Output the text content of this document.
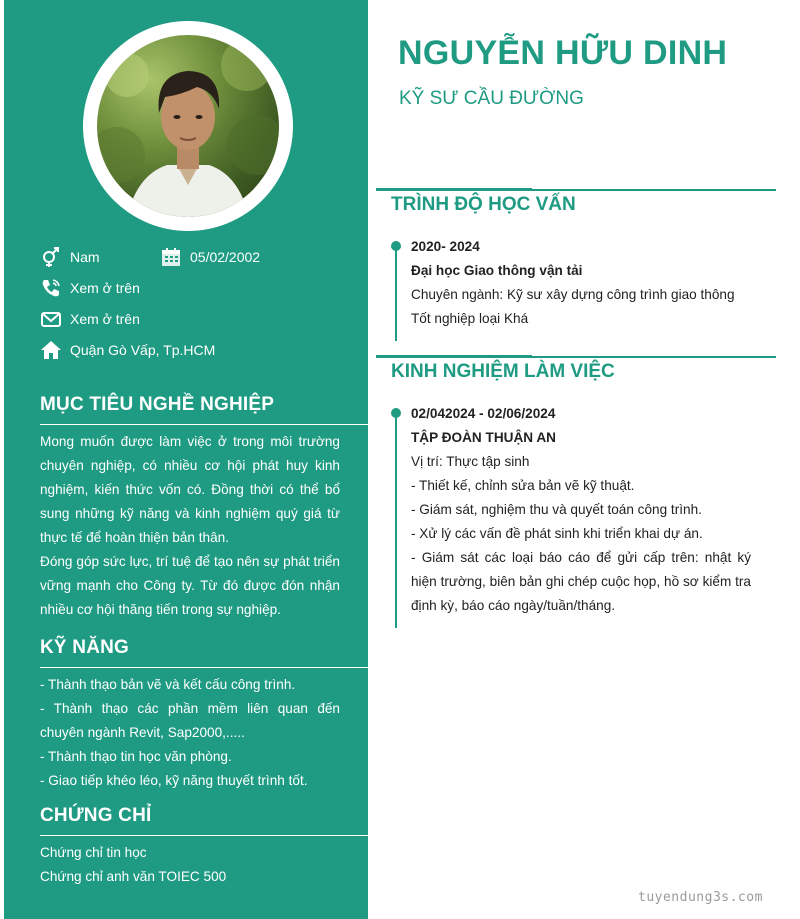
Nam	05/02/2002
Xem ở trên
Xem ở trên
Quận Gò Vấp, Tp.HCM
MỤC TIÊU NGHỀ NGHIỆP

Mong muốn được làm việc ở trong môi trường chuyên nghiệp, có nhiều cơ hội phát huy kinh nghiệm, kiến thức vốn có. Đồng thời có thể bổ sung những kỹ năng và kinh nghiệm quý giá từ thực tế để hoàn thiện bản thân.

Đóng góp sức lực, trí tuệ để tạo nên sự phát triển vững mạnh cho Công ty. Từ đó được đón nhận nhiều cơ hội thăng tiến trong sự nghiệp.

KỸ NĂNG

- Thành thạo bản vẽ và kết cấu công trình.

- Thành thạo các phần mềm liên quan đến chuyên ngành Revit, Sap2000,.....

- Thành thạo tin học văn phòng.

- Giao tiếp khéo léo, kỹ năng thuyết trình tốt.

CHỨNG CHỈ

Chứng chỉ tin học

Chứng chỉ anh văn TOIEC 500

NGUYỄN HỮU DINH
KỸ SƯ CẦU ĐƯỜNG
TRÌNH ĐỘ HỌC VẤN
2020- 2024
Đại học Giao thông vận tải
Chuyên ngành: Kỹ sư xây dựng công trình giao thông
Tốt nghiệp loại Khá
KINH NGHIỆM LÀM VIỆC
02/042024 - 02/06/2024
TẬP ĐOÀN THUẬN AN
Vị trí: Thực tập sinh
- Thiết kế, chỉnh sửa bản vẽ kỹ thuật.
- Giám sát, nghiệm thu và quyết toán công trình.
- Xử lý các vấn đề phát sinh khi triển khai dự án.
- Giám sát các loại báo cáo để gửi cấp trên: nhật ký hiện trường, biên bản ghi chép cuộc họp, hồ sơ kiểm tra định kỳ, báo cáo ngày/tuần/tháng.
tuyendung3s.com
